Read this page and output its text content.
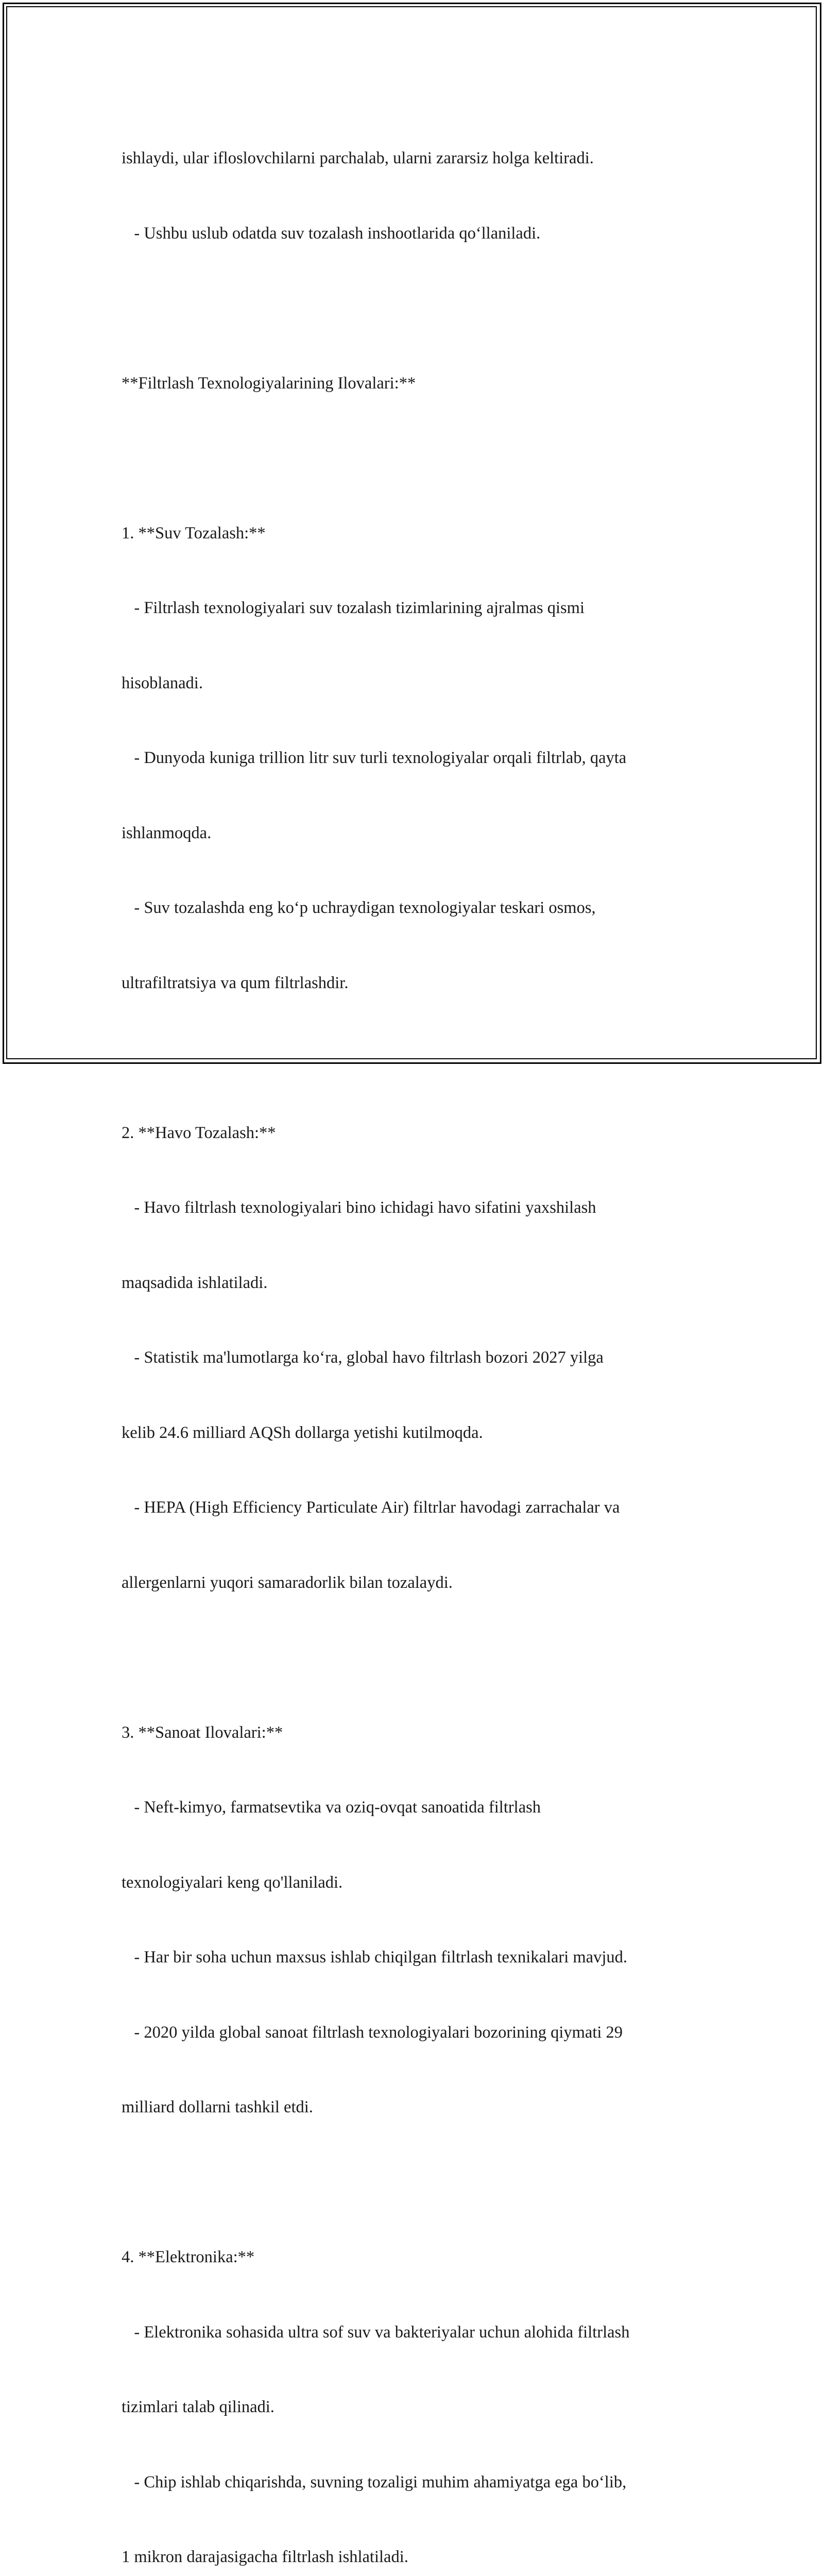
ishlaydi, ular ifloslovchilarni parchalab, ularni zararsiz holga keltiradi.

- Ushbu uslub odatda suv tozalash inshootlarida qo‘llaniladi.

**Filtrlash Texnologiyalarining Ilovalari:**

1. **Suv Tozalash:**

- Filtrlash texnologiyalari suv tozalash tizimlarining ajralmas qismi

hisoblanadi.

- Dunyoda kuniga trillion litr suv turli texnologiyalar orqali filtrlab, qayta

ishlanmoqda.

- Suv tozalashda eng ko‘p uchraydigan texnologiyalar teskari osmos,

ultrafiltratsiya va qum filtrlashdir.

2. **Havo Tozalash:**

- Havo filtrlash texnologiyalari bino ichidagi havo sifatini yaxshilash

maqsadida ishlatiladi.

- Statistik ma'lumotlarga ko‘ra, global havo filtrlash bozori 2027 yilga

kelib 24.6 milliard AQSh dollarga yetishi kutilmoqda.

- HEPA (High Efficiency Particulate Air) filtrlar havodagi zarrachalar va

allergenlarni yuqori samaradorlik bilan tozalaydi.

3. **Sanoat Ilovalari:**

- Neft-kimyo, farmatsevtika va oziq-ovqat sanoatida filtrlash

texnologiyalari keng qo'llaniladi.

- Har bir soha uchun maxsus ishlab chiqilgan filtrlash texnikalari mavjud.

- 2020 yilda global sanoat filtrlash texnologiyalari bozorining qiymati 29

milliard dollarni tashkil etdi.

4. **Elektronika:**

- Elektronika sohasida ultra sof suv va bakteriyalar uchun alohida filtrlash

tizimlari talab qilinadi.

- Chip ishlab chiqarishda, suvning tozaligi muhim ahamiyatga ega bo‘lib,

1 mikron darajasigacha filtrlash ishlatiladi.
